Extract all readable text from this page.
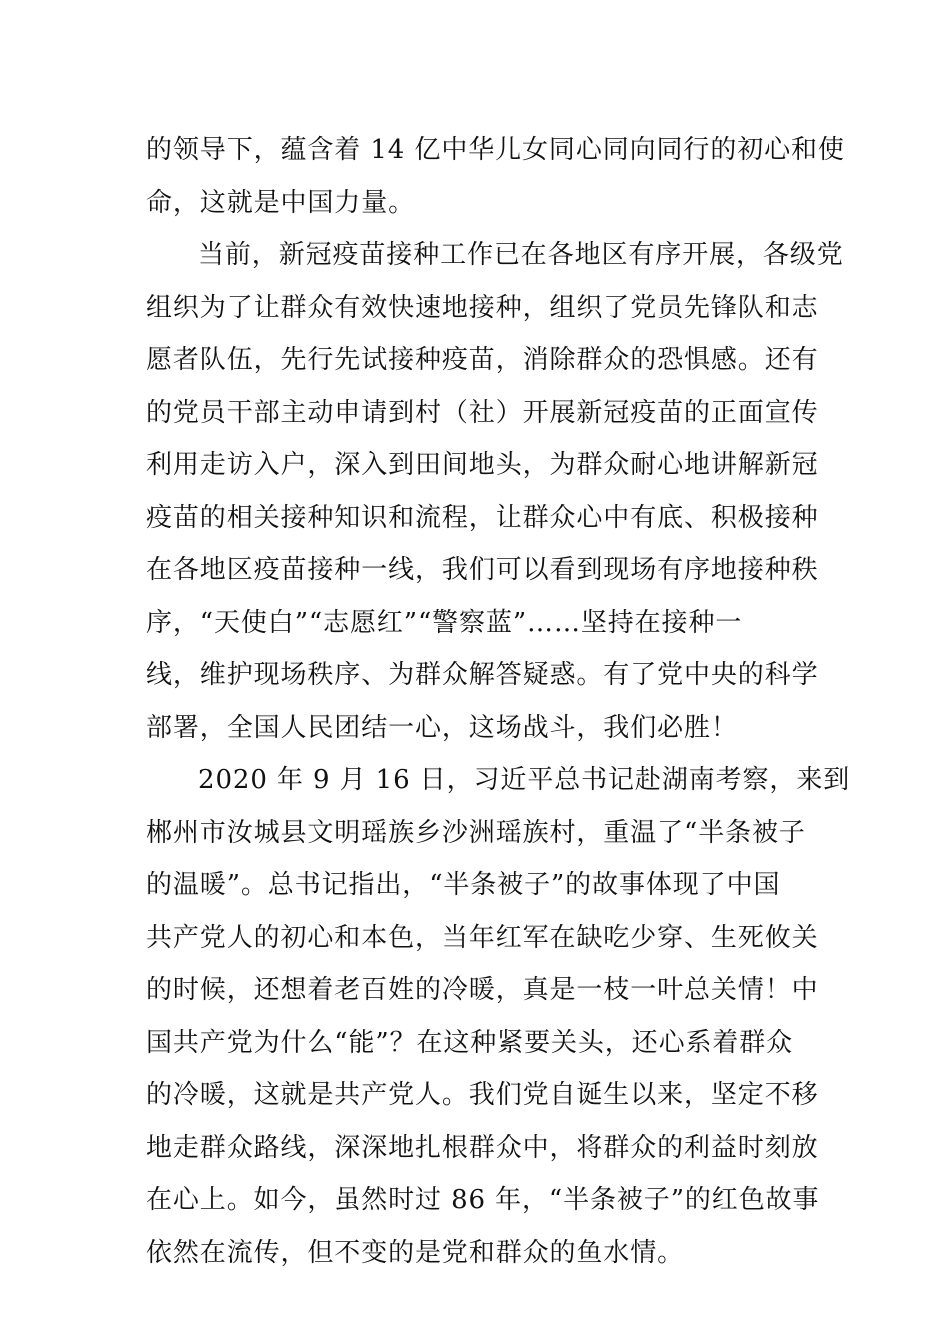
的领导下，蕴含着 14 亿中华儿女同心同向同行的初心和使
命，这就是中国力量。
当前，新冠疫苗接种工作已在各地区有序开展，各级党
组织为了让群众有效快速地接种，组织了党员先锋队和志
愿者队伍，先行先试接种疫苗，消除群众的恐惧感。还有
的党员干部主动申请到村（社）开展新冠疫苗的正面宣传
利用走访入户，深入到田间地头，为群众耐心地讲解新冠
疫苗的相关接种知识和流程，让群众心中有底、积极接种
在各地区疫苗接种一线，我们可以看到现场有序地接种秩
序，“天使白”“志愿红”“警察蓝”……坚持在接种一
线，维护现场秩序、为群众解答疑惑。有了党中央的科学
部署，全国人民团结一心，这场战斗，我们必胜！
2020 年 9 月 16 日，习近平总书记赴湖南考察，来到
郴州市汝城县文明瑶族乡沙洲瑶族村，重温了“半条被子
的温暖”。总书记指出，“半条被子”的故事体现了中国
共产党人的初心和本色，当年红军在缺吃少穿、生死攸关
的时候，还想着老百姓的冷暖，真是一枝一叶总关情！中
国共产党为什么“能”？在这种紧要关头，还心系着群众
的冷暖，这就是共产党人。我们党自诞生以来，坚定不移
地走群众路线，深深地扎根群众中，将群众的利益时刻放
在心上。如今，虽然时过 86 年，“半条被子”的红色故事
依然在流传，但不变的是党和群众的鱼水情。
